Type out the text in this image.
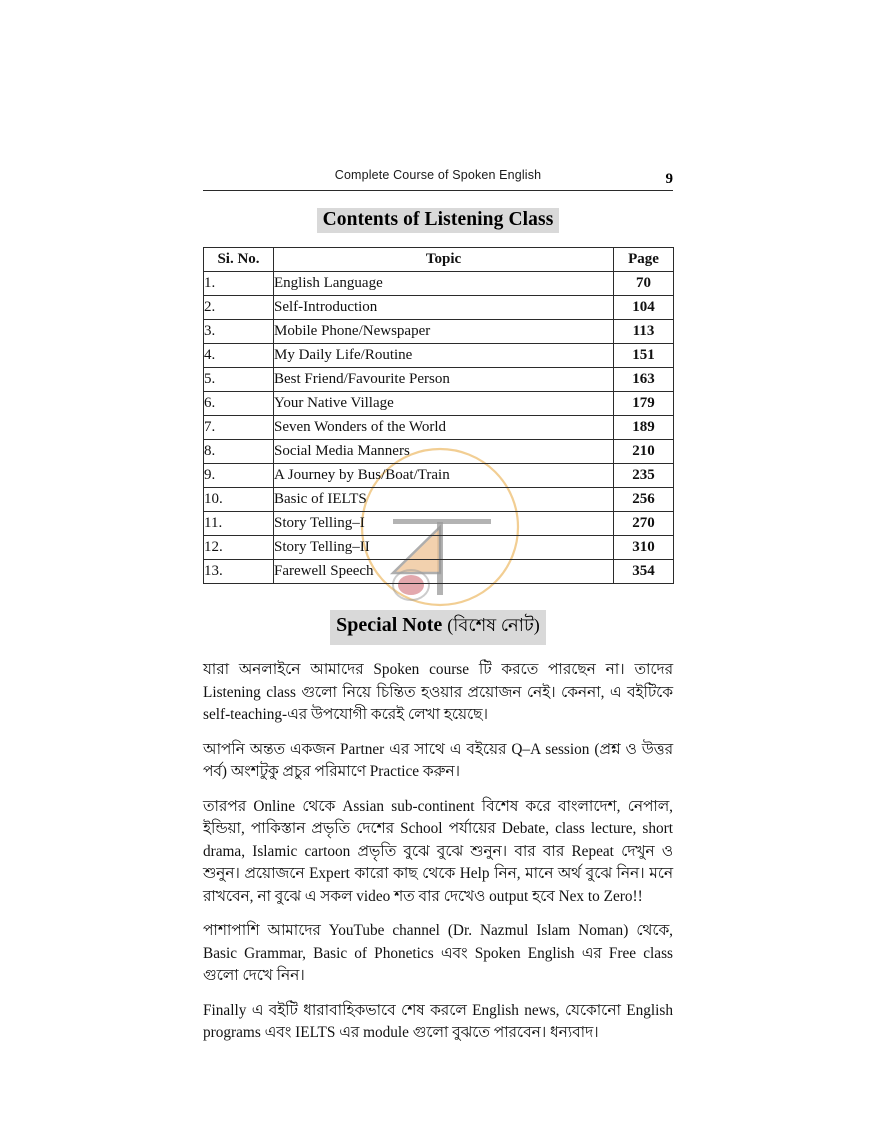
Complete Course of Spoken English	9
Contents of Listening Class
Si. No.	Topic	Page
1.	English Language	70
2.	Self-Introduction	104
3.	Mobile Phone/Newspaper	113
4.	My Daily Life/Routine	151
5.	Best Friend/Favourite Person	163
6.	Your Native Village	179
7.	Seven Wonders of the World	189
8.	Social Media Manners	210
9.	A Journey by Bus/Boat/Train	235
10.	Basic of IELTS	256
11.	Story Telling–I	270
12.	Story Telling–II	310
13.	Farewell Speech	354
Special Note (বিশেষ নোট)
যারা অনলাইনে আমাদের Spoken course টি করতে পারছেন না। তাদের Listening class গুলো নিয়ে চিন্তিত হওয়ার প্রয়োজন নেই। কেননা, এ বইটিকে self-teaching-এর উপযোগী করেই লেখা হয়েছে।
আপনি অন্তত একজন Partner এর সাথে এ বইয়ের Q–A session (প্রশ্ন ও উত্তর পর্ব) অংশটুকু প্রচুর পরিমাণে Practice করুন।
তারপর Online থেকে Assian sub-continent বিশেষ করে বাংলাদেশ, নেপাল, ইন্ডিয়া, পাকিস্তান প্রভৃতি দেশের School পর্যায়ের Debate, class lecture, short drama, Islamic cartoon প্রভৃতি বুঝে বুঝে শুনুন। বার বার Repeat দেখুন ও শুনুন। প্রয়োজনে Expert কারো কাছ থেকে Help নিন, মানে অর্থ বুঝে নিন। মনে রাখবেন, না বুঝে এ সকল video শত বার দেখেও output হবে Nex to Zero!!
পাশাপাশি আমাদের YouTube channel (Dr. Nazmul Islam Noman) থেকে, Basic Grammar, Basic of Phonetics এবং Spoken English এর Free class গুলো দেখে নিন।
Finally এ বইটি ধারাবাহিকভাবে শেষ করলে English news, যেকোনো English programs এবং IELTS এর module গুলো বুঝতে পারবেন। ধন্যবাদ।
